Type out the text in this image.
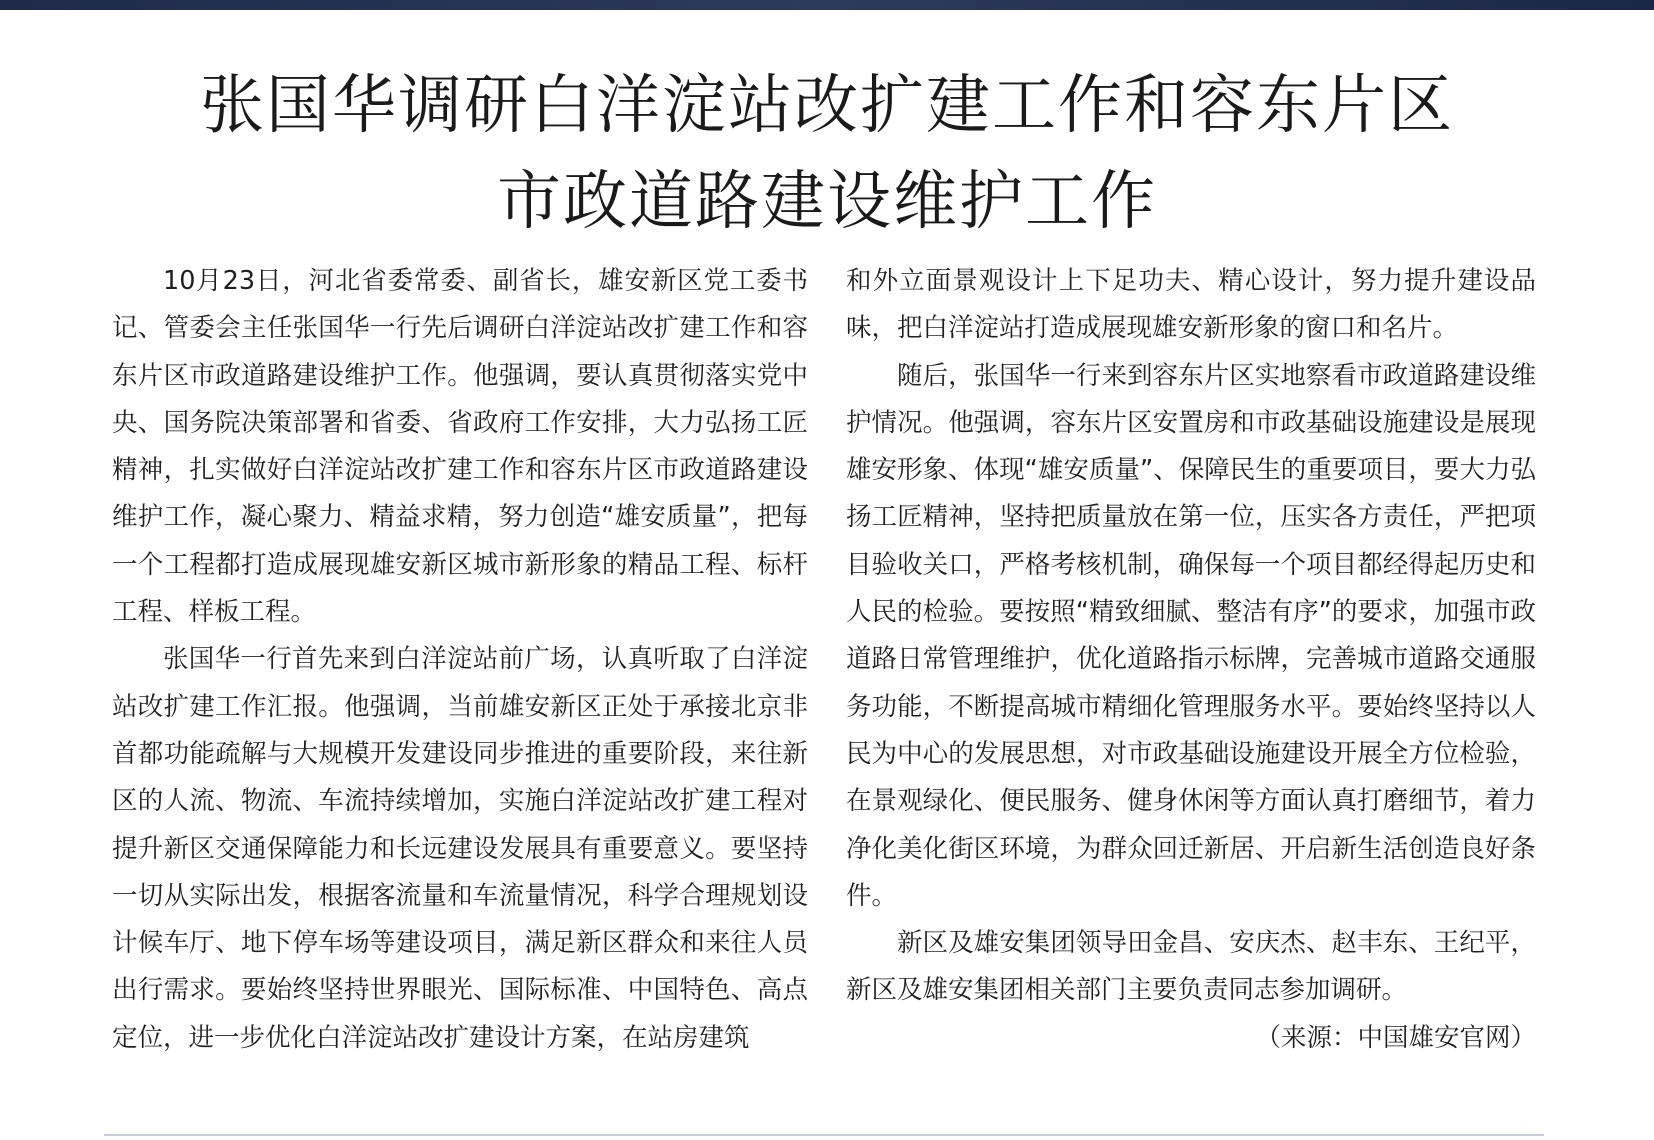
张国华调研白洋淀站改扩建工作和容东片区
市政道路建设维护工作

10月23日，河北省委常委、副省长，雄安新区党工委书记、管委会主任张国华一行先后调研白洋淀站改扩建工作和容东片区市政道路建设维护工作。他强调，要认真贯彻落实党中央、国务院决策部署和省委、省政府工作安排，大力弘扬工匠精神，扎实做好白洋淀站改扩建工作和容东片区市政道路建设维护工作，凝心聚力、精益求精，努力创造“雄安质量”，把每一个工程都打造成展现雄安新区城市新形象的精品工程、标杆工程、样板工程。

张国华一行首先来到白洋淀站前广场，认真听取了白洋淀站改扩建工作汇报。他强调，当前雄安新区正处于承接北京非首都功能疏解与大规模开发建设同步推进的重要阶段，来往新区的人流、物流、车流持续增加，实施白洋淀站改扩建工程对提升新区交通保障能力和长远建设发展具有重要意义。要坚持一切从实际出发，根据客流量和车流量情况，科学合理规划设计候车厅、地下停车场等建设项目，满足新区群众和来往人员出行需求。要始终坚持世界眼光、国际标准、中国特色、高点定位，进一步优化白洋淀站改扩建设计方案，在站房建筑

和外立面景观设计上下足功夫、精心设计，努力提升建设品味，把白洋淀站打造成展现雄安新形象的窗口和名片。

随后，张国华一行来到容东片区实地察看市政道路建设维护情况。他强调，容东片区安置房和市政基础设施建设是展现雄安形象、体现“雄安质量”、保障民生的重要项目，要大力弘扬工匠精神，坚持把质量放在第一位，压实各方责任，严把项目验收关口，严格考核机制，确保每一个项目都经得起历史和人民的检验。要按照“精致细腻、整洁有序”的要求，加强市政道路日常管理维护，优化道路指示标牌，完善城市道路交通服务功能，不断提高城市精细化管理服务水平。要始终坚持以人民为中心的发展思想，对市政基础设施建设开展全方位检验，在景观绿化、便民服务、健身休闲等方面认真打磨细节，着力净化美化街区环境，为群众回迁新居、开启新生活创造良好条件。

新区及雄安集团领导田金昌、安庆杰、赵丰东、王纪平，新区及雄安集团相关部门主要负责同志参加调研。

（来源：中国雄安官网）
